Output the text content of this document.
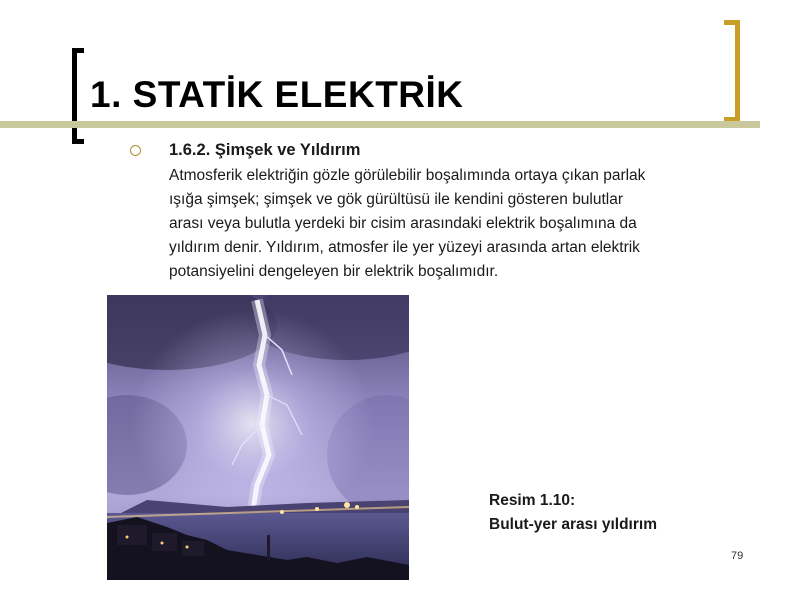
1. STATİK ELEKTRİK
1.6.2. Şimşek ve Yıldırım
Atmosferik elektriğin gözle görülebilir boşalımında ortaya çıkan parlak
ışığa şimşek; şimşek ve gök gürültüsü ile kendini gösteren bulutlar
arası veya bulutla yerdeki bir cisim arasındaki elektrik boşalımına da
yıldırım denir. Yıldırım, atmosfer ile yer yüzeyi arasında artan elektrik
potansiyelini dengeleyen bir elektrik boşalımıdır.
Resim 1.10:
Bulut-yer arası yıldırım
79
